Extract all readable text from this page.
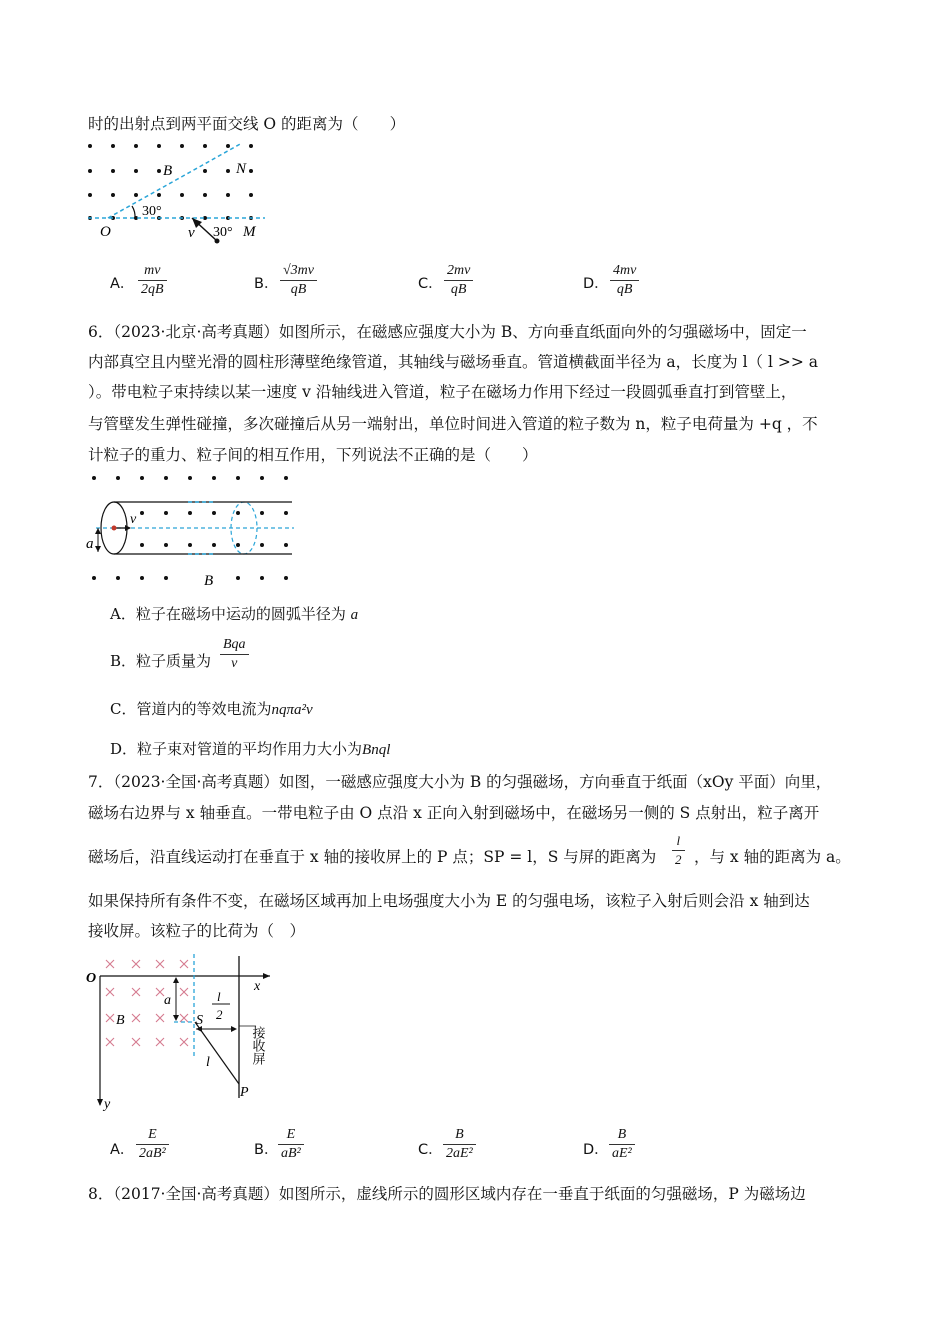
时的出射点到两平面交线 O 的距离为（　　）
B	N
O	M
v
30°
30°
A． $\frac{mv}{2qB}$	B． $\frac{√3mv}{qB}$	C． $\frac{2mv}{qB}$	D． $\frac{4mv}{qB}$
6．（2023·北京·高考真题）如图所示，在磁感应强度大小为 B、方向垂直纸面向外的匀强磁场中，固定一
内部真空且内壁光滑的圆柱形薄壁绝缘管道，其轴线与磁场垂直。管道横截面半径为 a，长度为 l（ l >> a
）。带电粒子束持续以某一速度 v 沿轴线进入管道，粒子在磁场力作用下经过一段圆弧垂直打到管壁上，
与管壁发生弹性碰撞，多次碰撞后从另一端射出，单位时间进入管道的粒子数为 n，粒子电荷量为 +q ，不
计粒子的重力、粒子间的相互作用，下列说法不正确的是（　　）
a
v
B
A．粒子在磁场中运动的圆弧半径为 a
B．粒子质量为
Bqa
v
C．管道内的等效电流为nqπa²v
D．粒子束对管道的平均作用力大小为Bnql
7．（2023·全国·高考真题）如图，一磁感应强度大小为 B 的匀强磁场，方向垂直于纸面（xOy 平面）向里，
磁场右边界与 x 轴垂直。一带电粒子由 O 点沿 x 正向入射到磁场中，在磁场另一侧的 S 点射出，粒子离开
磁场后，沿直线运动打在垂直于 x 轴的接收屏上的 P 点；SP = l，S 与屏的距离为 $\frac{l}{2}$ ，与 x 轴的距离为 a。
如果保持所有条件不变，在磁场区域再加上电场强度大小为 E 的匀强电场，该粒子入射后则会沿 x 轴到达
接收屏。该粒子的比荷为（　）
O
x
y
a
B	S
l
P
l
2
接收屏
A． $\frac{E}{\text{2aB²}}$	B． $\frac{E}{\text{aB²}}$	C． $\frac{B}{\text{2aE²}}$	D． $\frac{B}{\text{aE²}}$
8．（2017·全国·高考真题）如图所示，虚线所示的圆形区域内存在一垂直于纸面的匀强磁场，P 为磁场边
